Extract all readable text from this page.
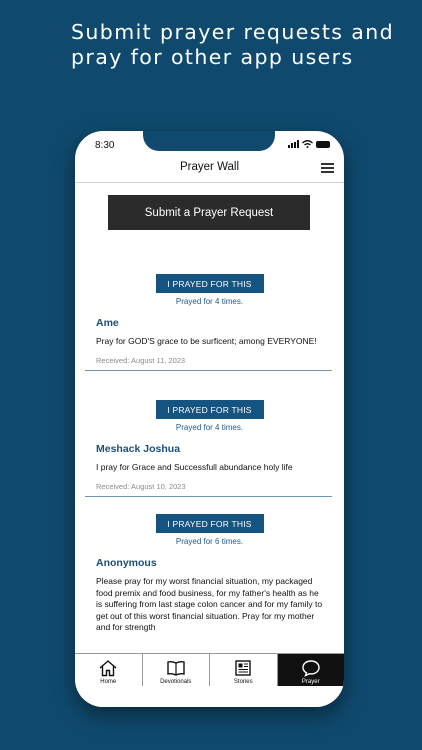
Submit prayer requests and pray for other app users
8:30
Prayer Wall
Submit a Prayer Request
I PRAYED FOR THIS
Prayed for 4 times.
Ame
Pray for GOD'S grace to be surficent; among EVERYONE!
Received: August 11, 2023
I PRAYED FOR THIS
Prayed for 4 times.
Meshack Joshua
I pray for Grace and Successfull abundance holy life
Received: August 10, 2023
I PRAYED FOR THIS
Prayed for 6 times.
Anonymous
Please pray for my worst financial situation, my packaged food premix and food business, for my father's health as he is suffering from last stage colon cancer and for my family to get out of this worst financial situation. Pray for my mother and for strength
Home	Devotionals	Stories	Prayer
